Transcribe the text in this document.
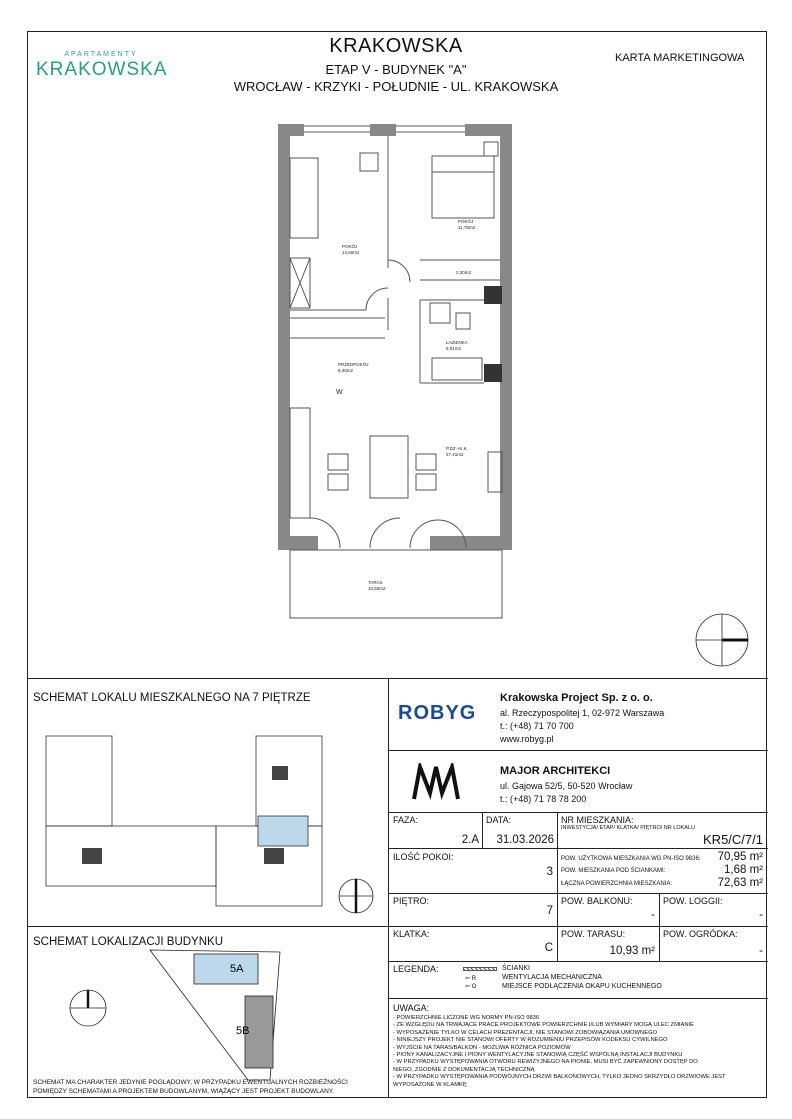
KRAKOWSKA
ETAP V - BUDYNEK "A"
WROCŁAW - KRZYKI - POŁUDNIE - UL. KRAKOWSKA
KARTA MARKETINGOWA
APARTAMENTY
KRAKOWSKA
POKÓJ
14,60m2
POKÓJ
11,75m2
2,30m2
ŁAZIENKA
5,01m2
PRZEDPOKÓJ
9,40m2
P.DZ.+K.K.
27,41m2
TARAS
10,93m2
W
SCHEMAT LOKALU MIESZKALNEGO NA 7 PIĘTRZE
SCHEMAT LOKALIZACJI BUDYNKU
5A
5B
SCHEMAT MA CHARAKTER JEDYNIE POGLĄDOWY, W PRZYPADKU EWENTUALNYCH ROZBIEŻNOŚCI POMIĘDZY SCHEMATAMI A PROJEKTEM BUDOWLANYM, WIĄŻĄCY JEST PROJEKT BUDOWLANY.
ROBYG
Krakowska Project Sp. z o. o.
al. Rzeczypospolitej 1, 02-972 Warszawa
t.: (+48) 71 70 700
www.robyg.pl
MAJOR ARCHITEKCI
ul. Gajowa 52/5, 50-520 Wrocław
t.: (+48) 71 78 78 200
FAZA:
2.A
DATA:
31.03.2026
NR MIESZKANIA:
INWESTYCJA/ ETAP/ KLATKA/ PIĘTRO/ NR LOKALU
KR5/C/7/1
ILOŚĆ POKOI:
3
POW. UŻYTKOWA MIESZKANIA WG PN-ISO 9836:	70,95 m²
POW. MIESZKANIA POD ŚCIANKAMI:	1,68 m²
ŁĄCZNA POWIERZCHNIA MIESZKANIA:	72,63 m²
PIĘTRO:
7
POW. BALKONU:
-
POW. LOGGII:
-
KLATKA:
C
POW. TARASU:
10,93 m²
POW. OGRÓDKA:
-
LEGENDA:
⇦ R
⇦ O
ŚCIANKI
WENTYLACJA MECHANICZNA
MIEJSCE PODŁĄCZENIA OKAPU KUCHENNEGO
UWAGA:
- POWIERZCHNIE LICZONE WG NORMY PN-ISO 9836
- ZE WZGLĘDU NA TRWAJĄCE PRACE PROJEKTOWE POWIERZCHNIE I/LUB WYMIARY MOGĄ ULEC ZMIANIE
- WYPOSAŻENIE TYLKO W CELACH PREZENTACJI, NIE STANOWI ZOBOWIĄZANIA UMOWNEGO
- NINIEJSZY PROJEKT NIE STANOWI OFERTY W ROZUMIENIU PRZEPISÓW KODEKSU CYWILNEGO
- WYJŚCIE NA TARAS/BALKON - MOŻLIWA RÓŻNICA POZIOMÓW
- PIONY KANALIZACYJNE I PIONY WENTYLACYJNE STANOWIĄ CZĘŚĆ WSPÓLNĄ INSTALACJI BUDYNKU
- W PRZYPADKU WYSTĘPOWANIA OTWORU REWIZYJNEGO NA PIONIE, MUSI BYĆ ZAPEWNIONY DOSTĘP DO
NIEGO, ZGODNIE Z DOKUMENTACJĄ TECHNICZNĄ
- W PRZYPADKU WYSTĘPOWANIA PODWÓJNYCH DRZWI BALKONOWYCH, TYLKO JEDNO SKRZYDŁO DRZWIOWE JEST
WYPOSAŻONE W KLAMKĘ
